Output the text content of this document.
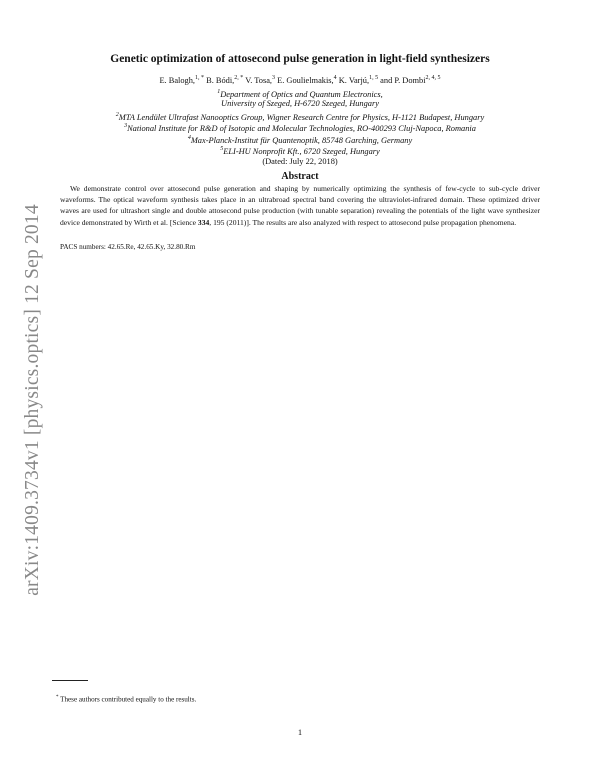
arXiv:1409.3734v1 [physics.optics] 12 Sep 2014
Genetic optimization of attosecond pulse generation in light-field synthesizers

E. Balogh,$^{1, *}$ B. Bódi,$^{2, *}$ V. Tosa,$^3$ E. Goulielmakis,$^4$ K. Varjú,$^{1, 5}$ and P. Dombi$^{2, 4, 5}$

$^1$Department of Optics and Quantum Electronics,

University of Szeged, H-6720 Szeged, Hungary

$^2$MTA Lendület Ultrafast Nanooptics Group, Wigner Research Centre for Physics, H-1121 Budapest, Hungary

$^3$National Institute for R&D of Isotopic and Molecular Technologies, RO-400293 Cluj-Napoca, Romania

$^4$Max-Planck-Institut für Quantenoptik, 85748 Garching, Germany

$^5$ELI-HU Nonprofit Kft., 6720 Szeged, Hungary

(Dated: July 22, 2018)

Abstract

We demonstrate control over attosecond pulse generation and shaping by numerically optimizing the synthesis of few-cycle to sub-cycle driver waveforms. The optical waveform synthesis takes place in an ultrabroad spectral band covering the ultraviolet-infrared domain. These optimized driver waves are used for ultrashort single and double attosecond pulse production (with tunable separation) revealing the potentials of the light wave synthesizer device demonstrated by Wirth et al. [Science 334, 195 (2011)]. The results are also analyzed with respect to attosecond pulse propagation phenomena.

PACS numbers: 42.65.Re, 42.65.Ky, 32.80.Rm

* These authors contributed equally to the results.

1
